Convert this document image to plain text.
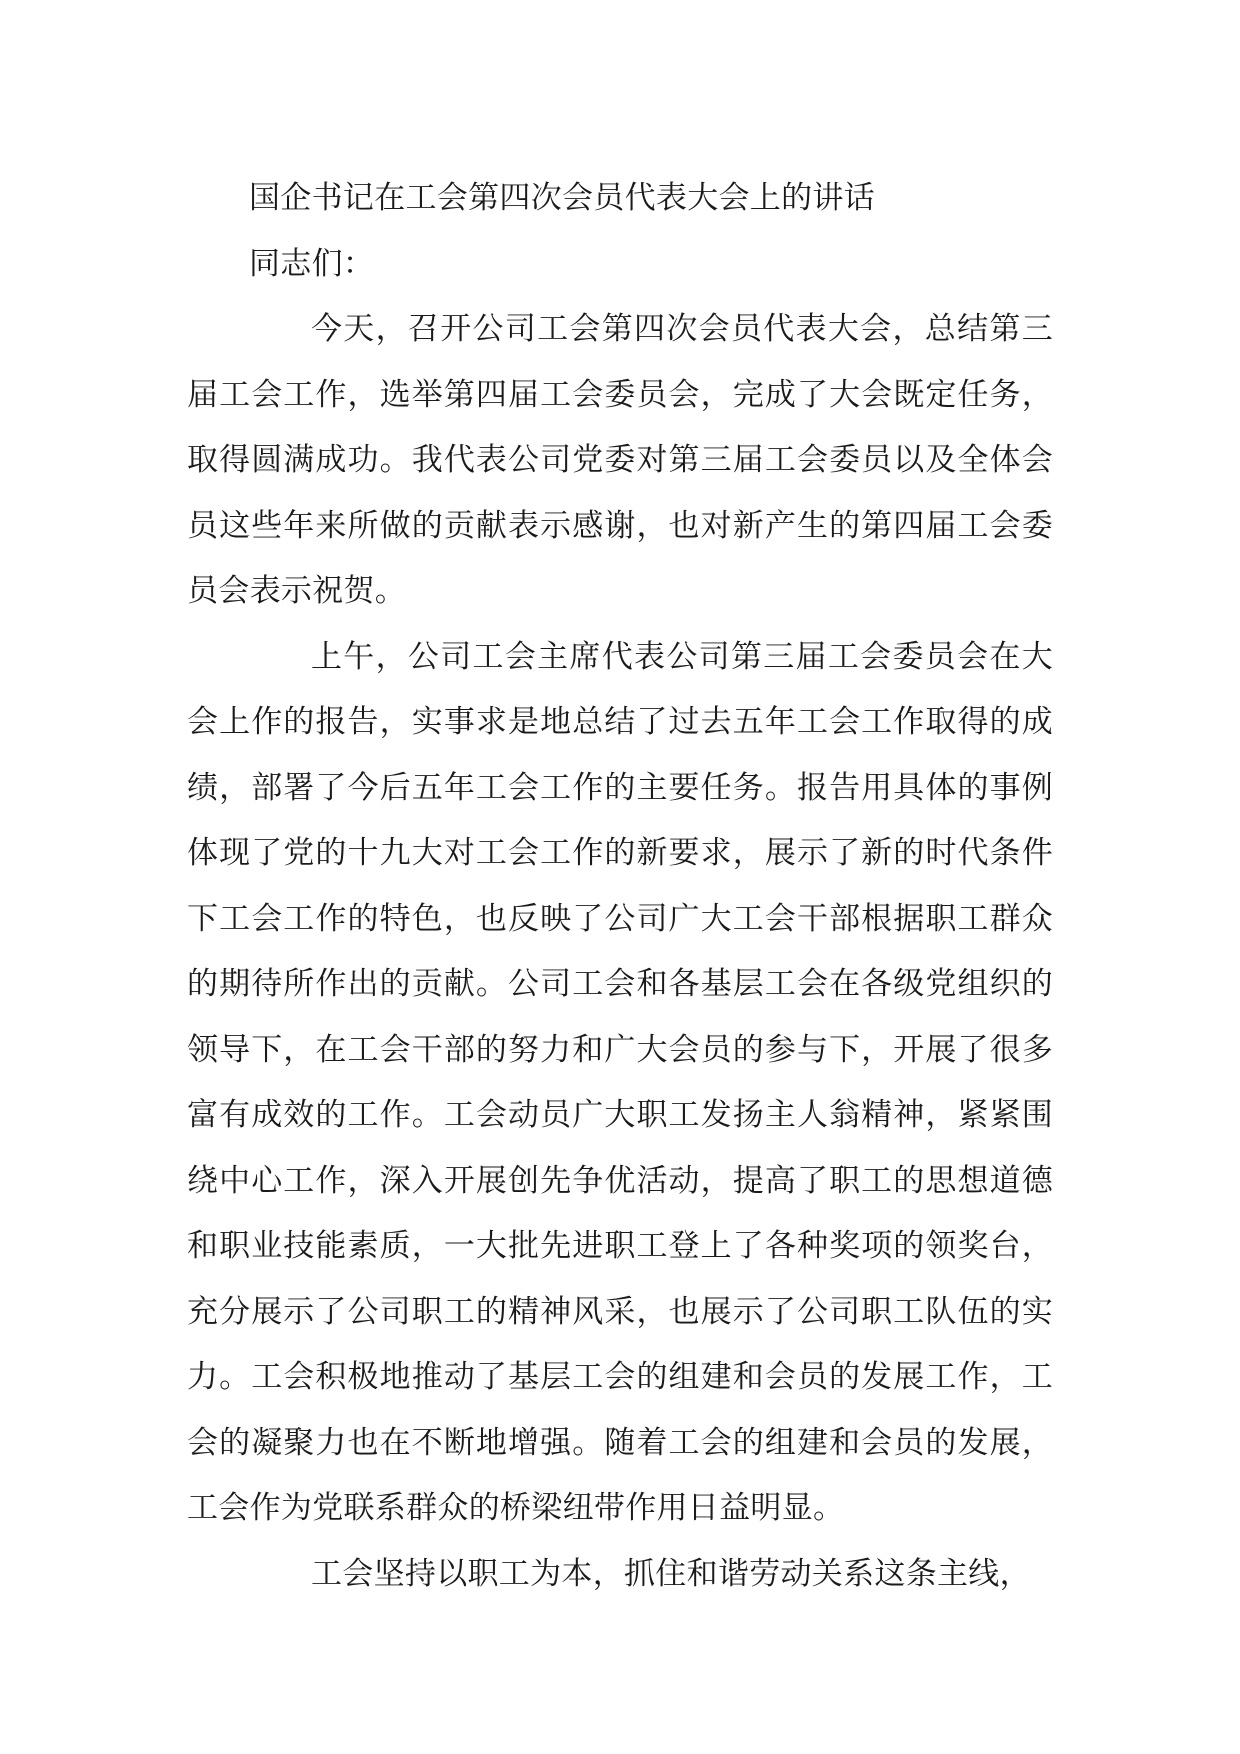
国企书记在工会第四次会员代表大会上的讲话

同志们：

今天，召开公司工会第四次会员代表大会，总结第三届工会工作，选举第四届工会委员会，完成了大会既定任务，取得圆满成功。我代表公司党委对第三届工会委员以及全体会员这些年来所做的贡献表示感谢，也对新产生的第四届工会委员会表示祝贺。

上午，公司工会主席代表公司第三届工会委员会在大会上作的报告，实事求是地总结了过去五年工会工作取得的成绩，部署了今后五年工会工作的主要任务。报告用具体的事例体现了党的十九大对工会工作的新要求，展示了新的时代条件下工会工作的特色，也反映了公司广大工会干部根据职工群众的期待所作出的贡献。公司工会和各基层工会在各级党组织的领导下，在工会干部的努力和广大会员的参与下，开展了很多富有成效的工作。工会动员广大职工发扬主人翁精神，紧紧围绕中心工作，深入开展创先争优活动，提高了职工的思想道德和职业技能素质，一大批先进职工登上了各种奖项的领奖台，充分展示了公司职工的精神风采，也展示了公司职工队伍的实力。工会积极地推动了基层工会的组建和会员的发展工作，工会的凝聚力也在不断地增强。随着工会的组建和会员的发展，工会作为党联系群众的桥梁纽带作用日益明显。

工会坚持以职工为本，抓住和谐劳动关系这条主线，
